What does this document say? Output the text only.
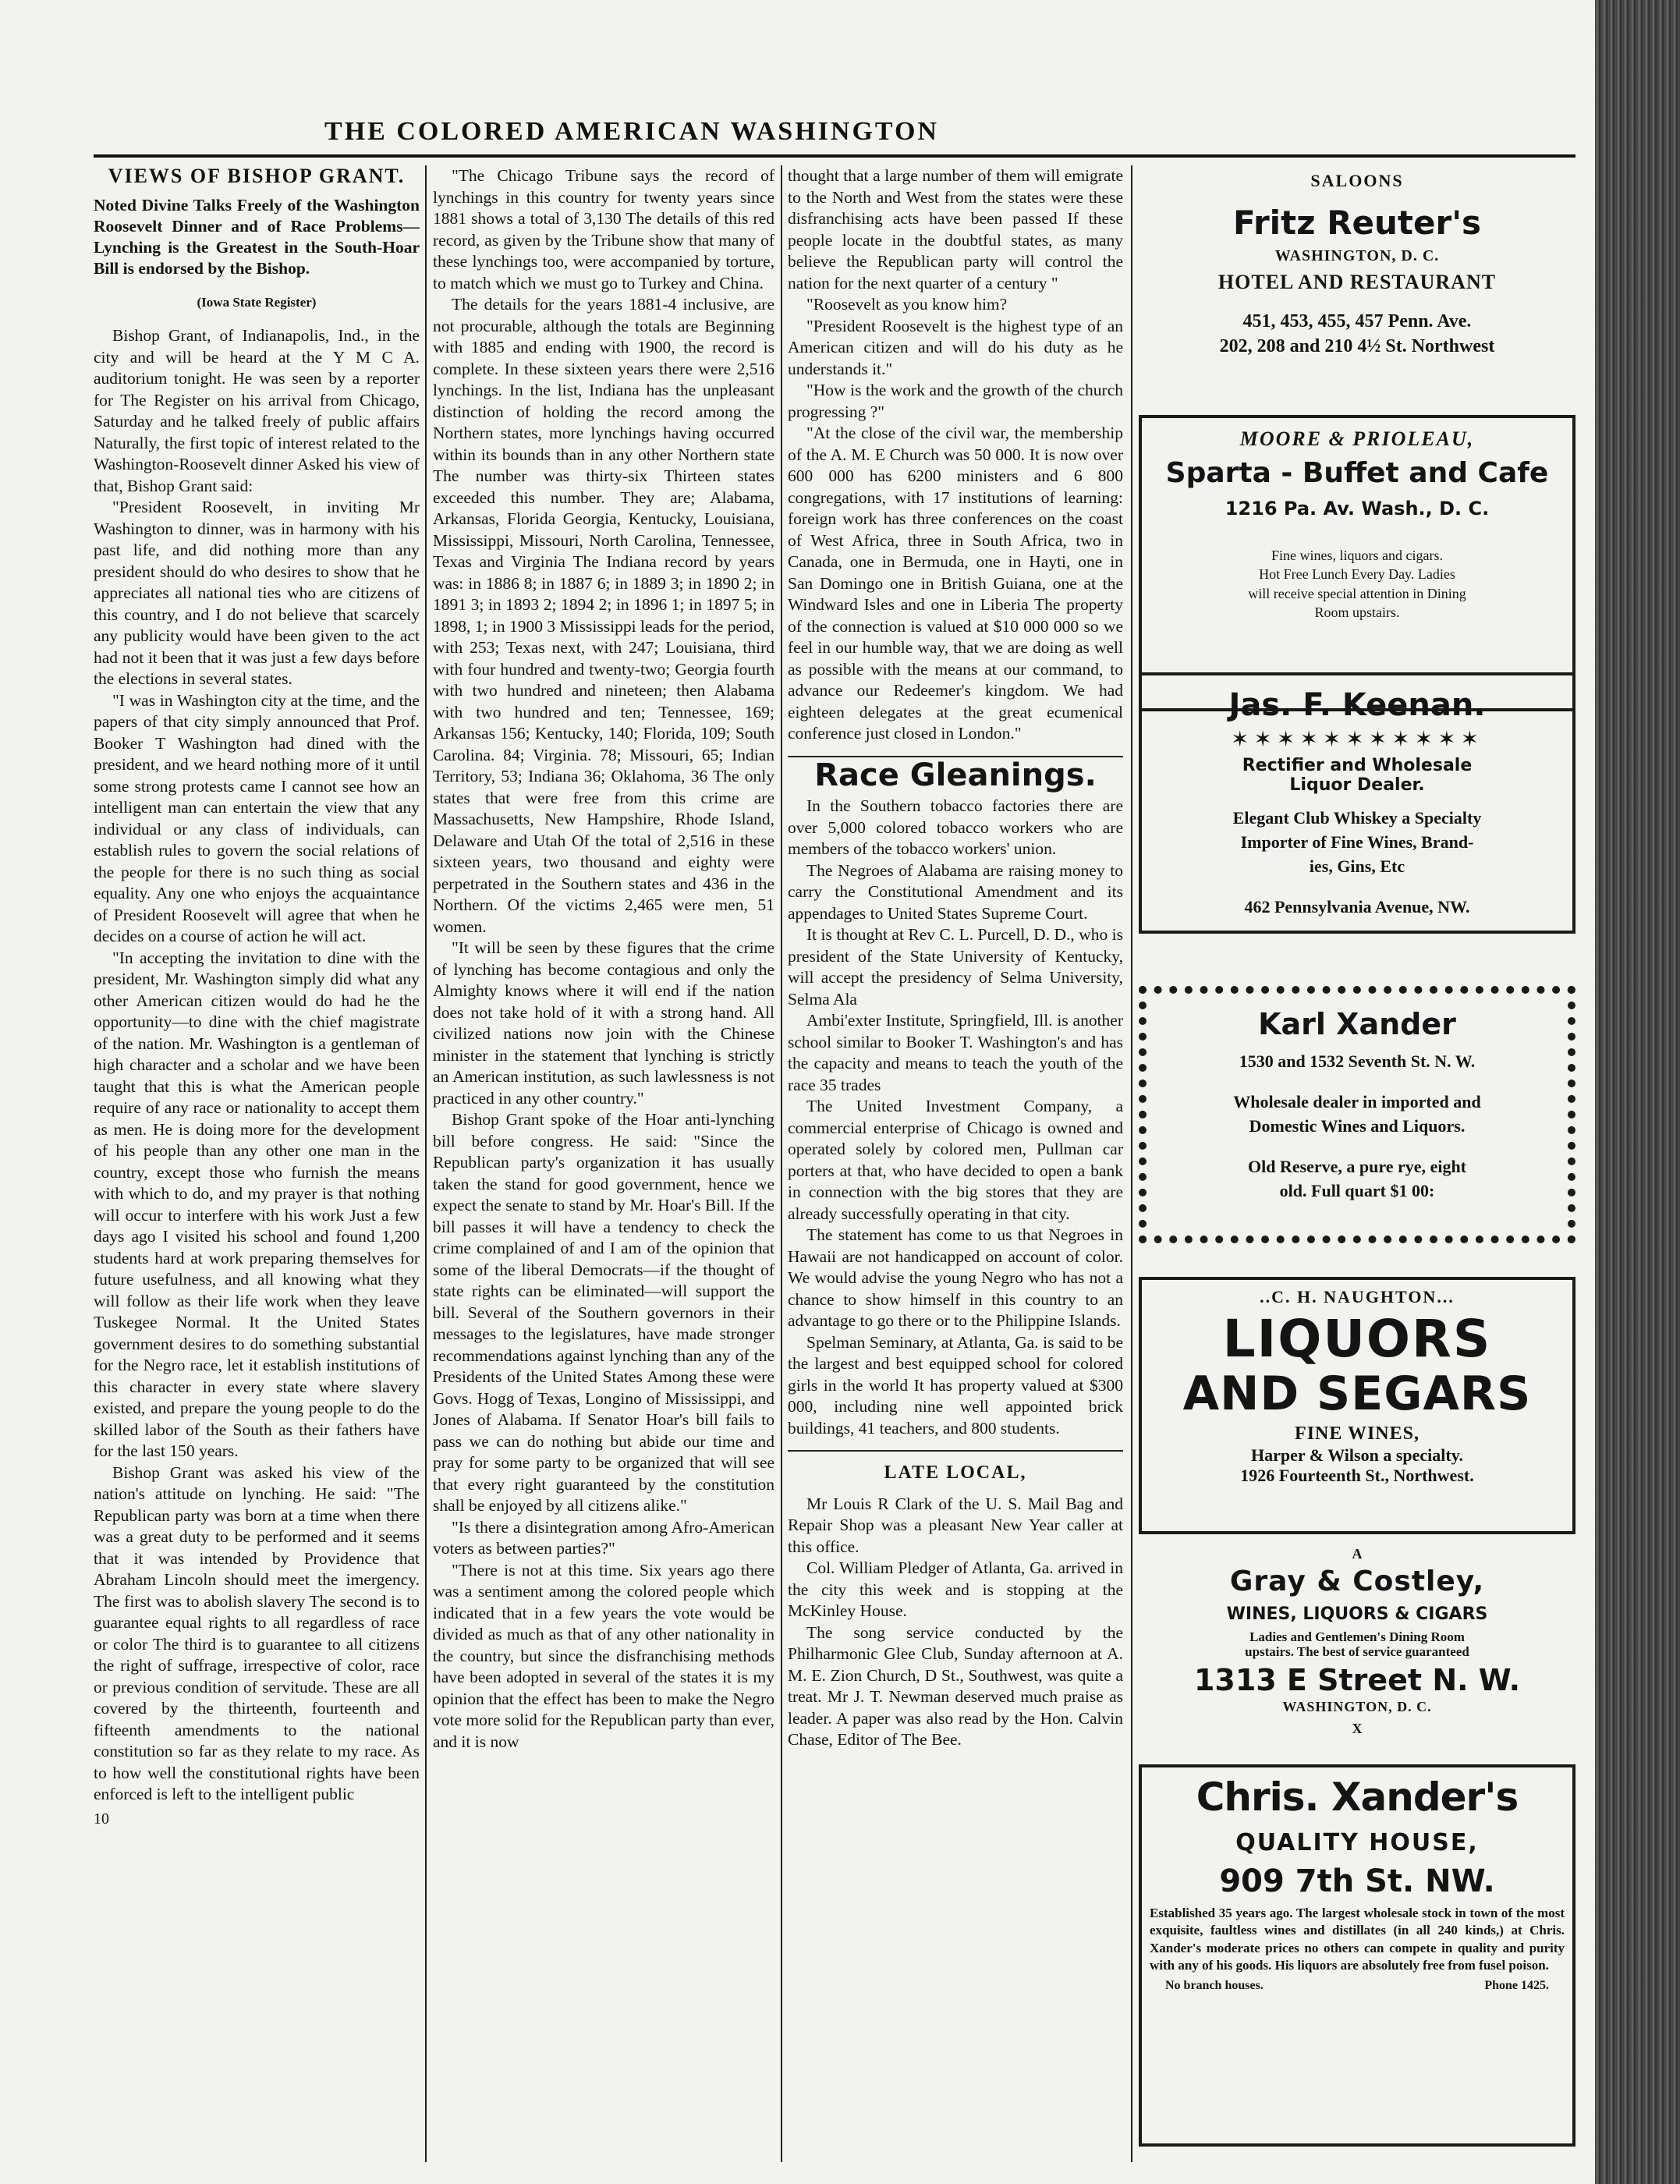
THE COLORED AMERICAN WASHINGTON
VIEWS OF BISHOP GRANT.
Noted Divine Talks Freely of the Washington Roosevelt Dinner and of Race Problems—Lynching is the Greatest in the South-Hoar Bill is endorsed by the Bishop.
(Iowa State Register)

Bishop Grant, of Indianapolis, Ind., in the city and will be heard at the Y M C A. auditorium tonight. He was seen by a reporter for The Register on his arrival from Chicago, Saturday and he talked freely of public affairs Naturally, the first topic of interest related to the Washington-Roosevelt dinner Asked his view of that, Bishop Grant said:

"President Roosevelt, in inviting Mr Washington to dinner, was in harmony with his past life, and did nothing more than any president should do who desires to show that he appreciates all national ties who are citizens of this country, and I do not believe that scarcely any publicity would have been given to the act had not it been that it was just a few days before the elections in several states.

"I was in Washington city at the time, and the papers of that city simply announced that Prof. Booker T Washington had dined with the president, and we heard nothing more of it until some strong protests came I cannot see how an intelligent man can entertain the view that any individual or any class of individuals, can establish rules to govern the social relations of the people for there is no such thing as social equality. Any one who enjoys the acquaintance of President Roosevelt will agree that when he decides on a course of action he will act.

"In accepting the invitation to dine with the president, Mr. Washington simply did what any other American citizen would do had he the opportunity—to dine with the chief magistrate of the nation. Mr. Washington is a gentleman of high character and a scholar and we have been taught that this is what the American people require of any race or nationality to accept them as men. He is doing more for the development of his people than any other one man in the country, except those who furnish the means with which to do, and my prayer is that nothing will occur to interfere with his work Just a few days ago I visited his school and found 1,200 students hard at work preparing themselves for future usefulness, and all knowing what they will follow as their life work when they leave Tuskegee Normal. It the United States government desires to do something substantial for the Negro race, let it establish institutions of this character in every state where slavery existed, and prepare the young people to do the skilled labor of the South as their fathers have for the last 150 years.

Bishop Grant was asked his view of the nation's attitude on lynching. He said: "The Republican party was born at a time when there was a great duty to be performed and it seems that it was intended by Providence that Abraham Lincoln should meet the imergency. The first was to abolish slavery The second is to guarantee equal rights to all regardless of race or color The third is to guarantee to all citizens the right of suffrage, irrespective of color, race or previous condition of servitude. These are all covered by the thirteenth, fourteenth and fifteenth amendments to the national constitution so far as they relate to my race. As to how well the constitutional rights have been enforced is left to the intelligent public

10

"The Chicago Tribune says the record of lynchings in this country for twenty years since 1881 shows a total of 3,130 The details of this red record, as given by the Tribune show that many of these lynchings too, were accompanied by torture, to match which we must go to Turkey and China.

The details for the years 1881-4 inclusive, are not procurable, although the totals are Beginning with 1885 and ending with 1900, the record is complete. In these sixteen years there were 2,516 lynchings. In the list, Indiana has the unpleasant distinction of holding the record among the Northern states, more lynchings having occurred within its bounds than in any other Northern state The number was thirty-six Thirteen states exceeded this number. They are; Alabama, Arkansas, Florida Georgia, Kentucky, Louisiana, Mississippi, Missouri, North Carolina, Tennessee, Texas and Virginia The Indiana record by years was: in 1886 8; in 1887 6; in 1889 3; in 1890 2; in 1891 3; in 1893 2; 1894 2; in 1896 1; in 1897 5; in 1898, 1; in 1900 3 Mississippi leads for the period, with 253; Texas next, with 247; Louisiana, third with four hundred and twenty-two; Georgia fourth with two hundred and nineteen; then Alabama with two hundred and ten; Tennessee, 169; Arkansas 156; Kentucky, 140; Florida, 109; South Carolina. 84; Virginia. 78; Missouri, 65; Indian Territory, 53; Indiana 36; Oklahoma, 36 The only states that were free from this crime are Massachusetts, New Hampshire, Rhode Island, Delaware and Utah Of the total of 2,516 in these sixteen years, two thousand and eighty were perpetrated in the Southern states and 436 in the Northern. Of the victims 2,465 were men, 51 women.

"It will be seen by these figures that the crime of lynching has become contagious and only the Almighty knows where it will end if the nation does not take hold of it with a strong hand. All civilized nations now join with the Chinese minister in the statement that lynching is strictly an American institution, as such lawlessness is not practiced in any other country."

Bishop Grant spoke of the Hoar anti-lynching bill before congress. He said: "Since the Republican party's organization it has usually taken the stand for good government, hence we expect the senate to stand by Mr. Hoar's Bill. If the bill passes it will have a tendency to check the crime complained of and I am of the opinion that some of the liberal Democrats—if the thought of state rights can be eliminated—will support the bill. Several of the Southern governors in their messages to the legislatures, have made stronger recommendations against lynching than any of the Presidents of the United States Among these were Govs. Hogg of Texas, Longino of Mississippi, and Jones of Alabama. If Senator Hoar's bill fails to pass we can do nothing but abide our time and pray for some party to be organized that will see that every right guaranteed by the constitution shall be enjoyed by all citizens alike."

"Is there a disintegration among Afro-American voters as between parties?"

"There is not at this time. Six years ago there was a sentiment among the colored people which indicated that in a few years the vote would be divided as much as that of any other nationality in the country, but since the disfranchising methods have been adopted in several of the states it is my opinion that the effect has been to make the Negro vote more solid for the Republican party than ever, and it is now

thought that a large number of them will emigrate to the North and West from the states were these disfranchising acts have been passed If these people locate in the doubtful states, as many believe the Republican party will control the nation for the next quarter of a century "

"Roosevelt as you know him?

"President Roosevelt is the highest type of an American citizen and will do his duty as he understands it."

"How is the work and the growth of the church progressing ?"

"At the close of the civil war, the membership of the A. M. E Church was 50 000. It is now over 600 000 has 6200 ministers and 6 800 congregations, with 17 institutions of learning: foreign work has three conferences on the coast of West Africa, three in South Africa, two in Canada, one in Bermuda, one in Hayti, one in San Domingo one in British Guiana, one at the Windward Isles and one in Liberia The property of the connection is valued at $10 000 000 so we feel in our humble way, that we are doing as well as possible with the means at our command, to advance our Redeemer's kingdom. We had eighteen delegates at the great ecumenical conference just closed in London."

Race Gleanings.

In the Southern tobacco factories there are over 5,000 colored tobacco workers who are members of the tobacco workers' union.

The Negroes of Alabama are raising money to carry the Constitutional Amendment and its appendages to United States Supreme Court.

It is thought at Rev C. L. Purcell, D. D., who is president of the State University of Kentucky, will accept the presidency of Selma University, Selma Ala

Ambi'exter Institute, Springfield, Ill. is another school similar to Booker T. Washington's and has the capacity and means to teach the youth of the race 35 trades

The United Investment Company, a commercial enterprise of Chicago is owned and operated solely by colored men, Pullman car porters at that, who have decided to open a bank in connection with the big stores that they are already successfully operating in that city.

The statement has come to us that Negroes in Hawaii are not handicapped on account of color. We would advise the young Negro who has not a chance to show himself in this country to an advantage to go there or to the Philippine Islands.

Spelman Seminary, at Atlanta, Ga. is said to be the largest and best equipped school for colored girls in the world It has property valued at $300 000, including nine well appointed brick buildings, 41 teachers, and 800 students.

LATE LOCAL,

Mr Louis R Clark of the U. S. Mail Bag and Repair Shop was a pleasant New Year caller at this office.

Col. William Pledger of Atlanta, Ga. arrived in the city this week and is stopping at the McKinley House.

The song service conducted by the Philharmonic Glee Club, Sunday afternoon at A. M. E. Zion Church, D St., Southwest, was quite a treat. Mr J. T. Newman deserved much praise as leader. A paper was also read by the Hon. Calvin Chase, Editor of The Bee.

SALOONS
Fritz Reuter's
WASHINGTON, D. C.
HOTEL AND RESTAURANT
451, 453, 455, 457 Penn. Ave.
202, 208 and 210 4½ St. Northwest
MOORE & PRIOLEAU,
Sparta - Buffet and Cafe
1216 Pa. Av. Wash., D. C.
Fine wines, liquors and cigars.
Hot Free Lunch Every Day. Ladies
will receive special attention in Dining
Room upstairs.
Jas. F. Keenan.
✶✶✶✶✶✶✶✶✶✶✶
Rectifier and Wholesale
Liquor Dealer.
Elegant Club Whiskey a Specialty
Importer of Fine Wines, Brand-
ies, Gins, Etc
462 Pennsylvania Avenue, NW.
Karl Xander
1530 and 1532 Seventh St. N. W.
Wholesale dealer in imported and
Domestic Wines and Liquors.
Old Reserve, a pure rye, eight
old. Full quart $1 00:
..C. H. NAUGHTON...
LIQUORS
AND SEGARS
FINE WINES,
Harper & Wilson a specialty.
1926 Fourteenth St., Northwest.
A
Gray & Costley,
WINES, LIQUORS & CIGARS
Ladies and Gentlemen's Dining Room
upstairs. The best of service guaranteed
1313 E Street N. W.
WASHINGTON, D. C.
X
Chris. Xander's
QUALITY HOUSE,
909 7th St. NW.
Established 35 years ago. The largest wholesale stock in town of the most exquisite, faultless wines and distillates (in all 240 kinds,) at Chris. Xander's moderate prices no others can compete in quality and purity with any of his goods. His liquors are absolutely free from fusel poison.
No branch houses.	Phone 1425.
